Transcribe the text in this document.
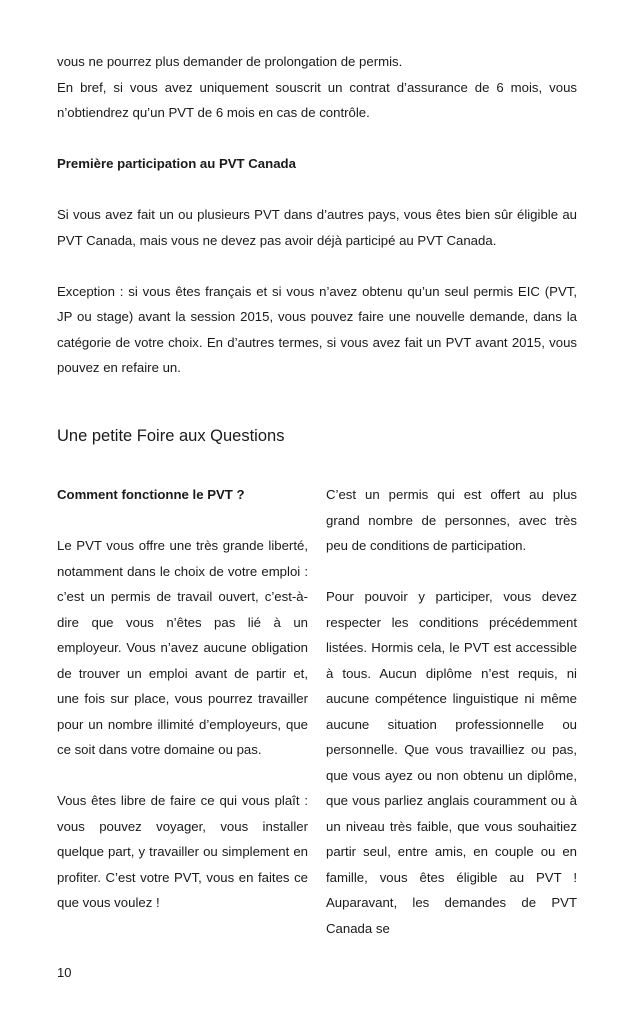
vous ne pourrez plus demander de prolongation de permis.

En bref, si vous avez uniquement souscrit un contrat d’assurance de 6 mois, vous n’obtiendrez qu’un PVT de 6 mois en cas de contrôle.

Première participation au PVT Canada

Si vous avez fait un ou plusieurs PVT dans d’autres pays, vous êtes bien sûr éligible au PVT Canada, mais vous ne devez pas avoir déjà participé au PVT Canada.

Exception : si vous êtes français et si vous n’avez obtenu qu’un seul permis EIC (PVT, JP ou stage) avant la session 2015, vous pouvez faire une nouvelle demande, dans la catégorie de votre choix. En d’autres termes, si vous avez fait un PVT avant 2015, vous pouvez en refaire un.

Une petite Foire aux Questions

Comment fonctionne le PVT ?

Le PVT vous offre une très grande liberté, notamment dans le choix de votre emploi : c’est un permis de travail ouvert, c’est-à-dire que vous n’êtes pas lié à un employeur. Vous n’avez aucune obligation de trouver un emploi avant de partir et, une fois sur place, vous pourrez travailler pour un nombre illimité d’employeurs, que ce soit dans votre domaine ou pas.

Vous êtes libre de faire ce qui vous plaît : vous pouvez voyager, vous installer quelque part, y travailler ou simplement en profiter. C’est votre PVT, vous en faites ce que vous voulez !

C’est un permis qui est offert au plus grand nombre de personnes, avec très peu de conditions de participation.

Pour pouvoir y participer, vous devez respecter les conditions précédemment listées. Hormis cela, le PVT est accessible à tous. Aucun diplôme n’est requis, ni aucune compétence linguistique ni même aucune situation professionnelle ou personnelle. Que vous travailliez ou pas, que vous ayez ou non obtenu un diplôme, que vous parliez anglais couramment ou à un niveau très faible, que vous souhaitiez partir seul, entre amis, en couple ou en famille, vous êtes éligible au PVT ! Auparavant, les demandes de PVT Canada se

10
